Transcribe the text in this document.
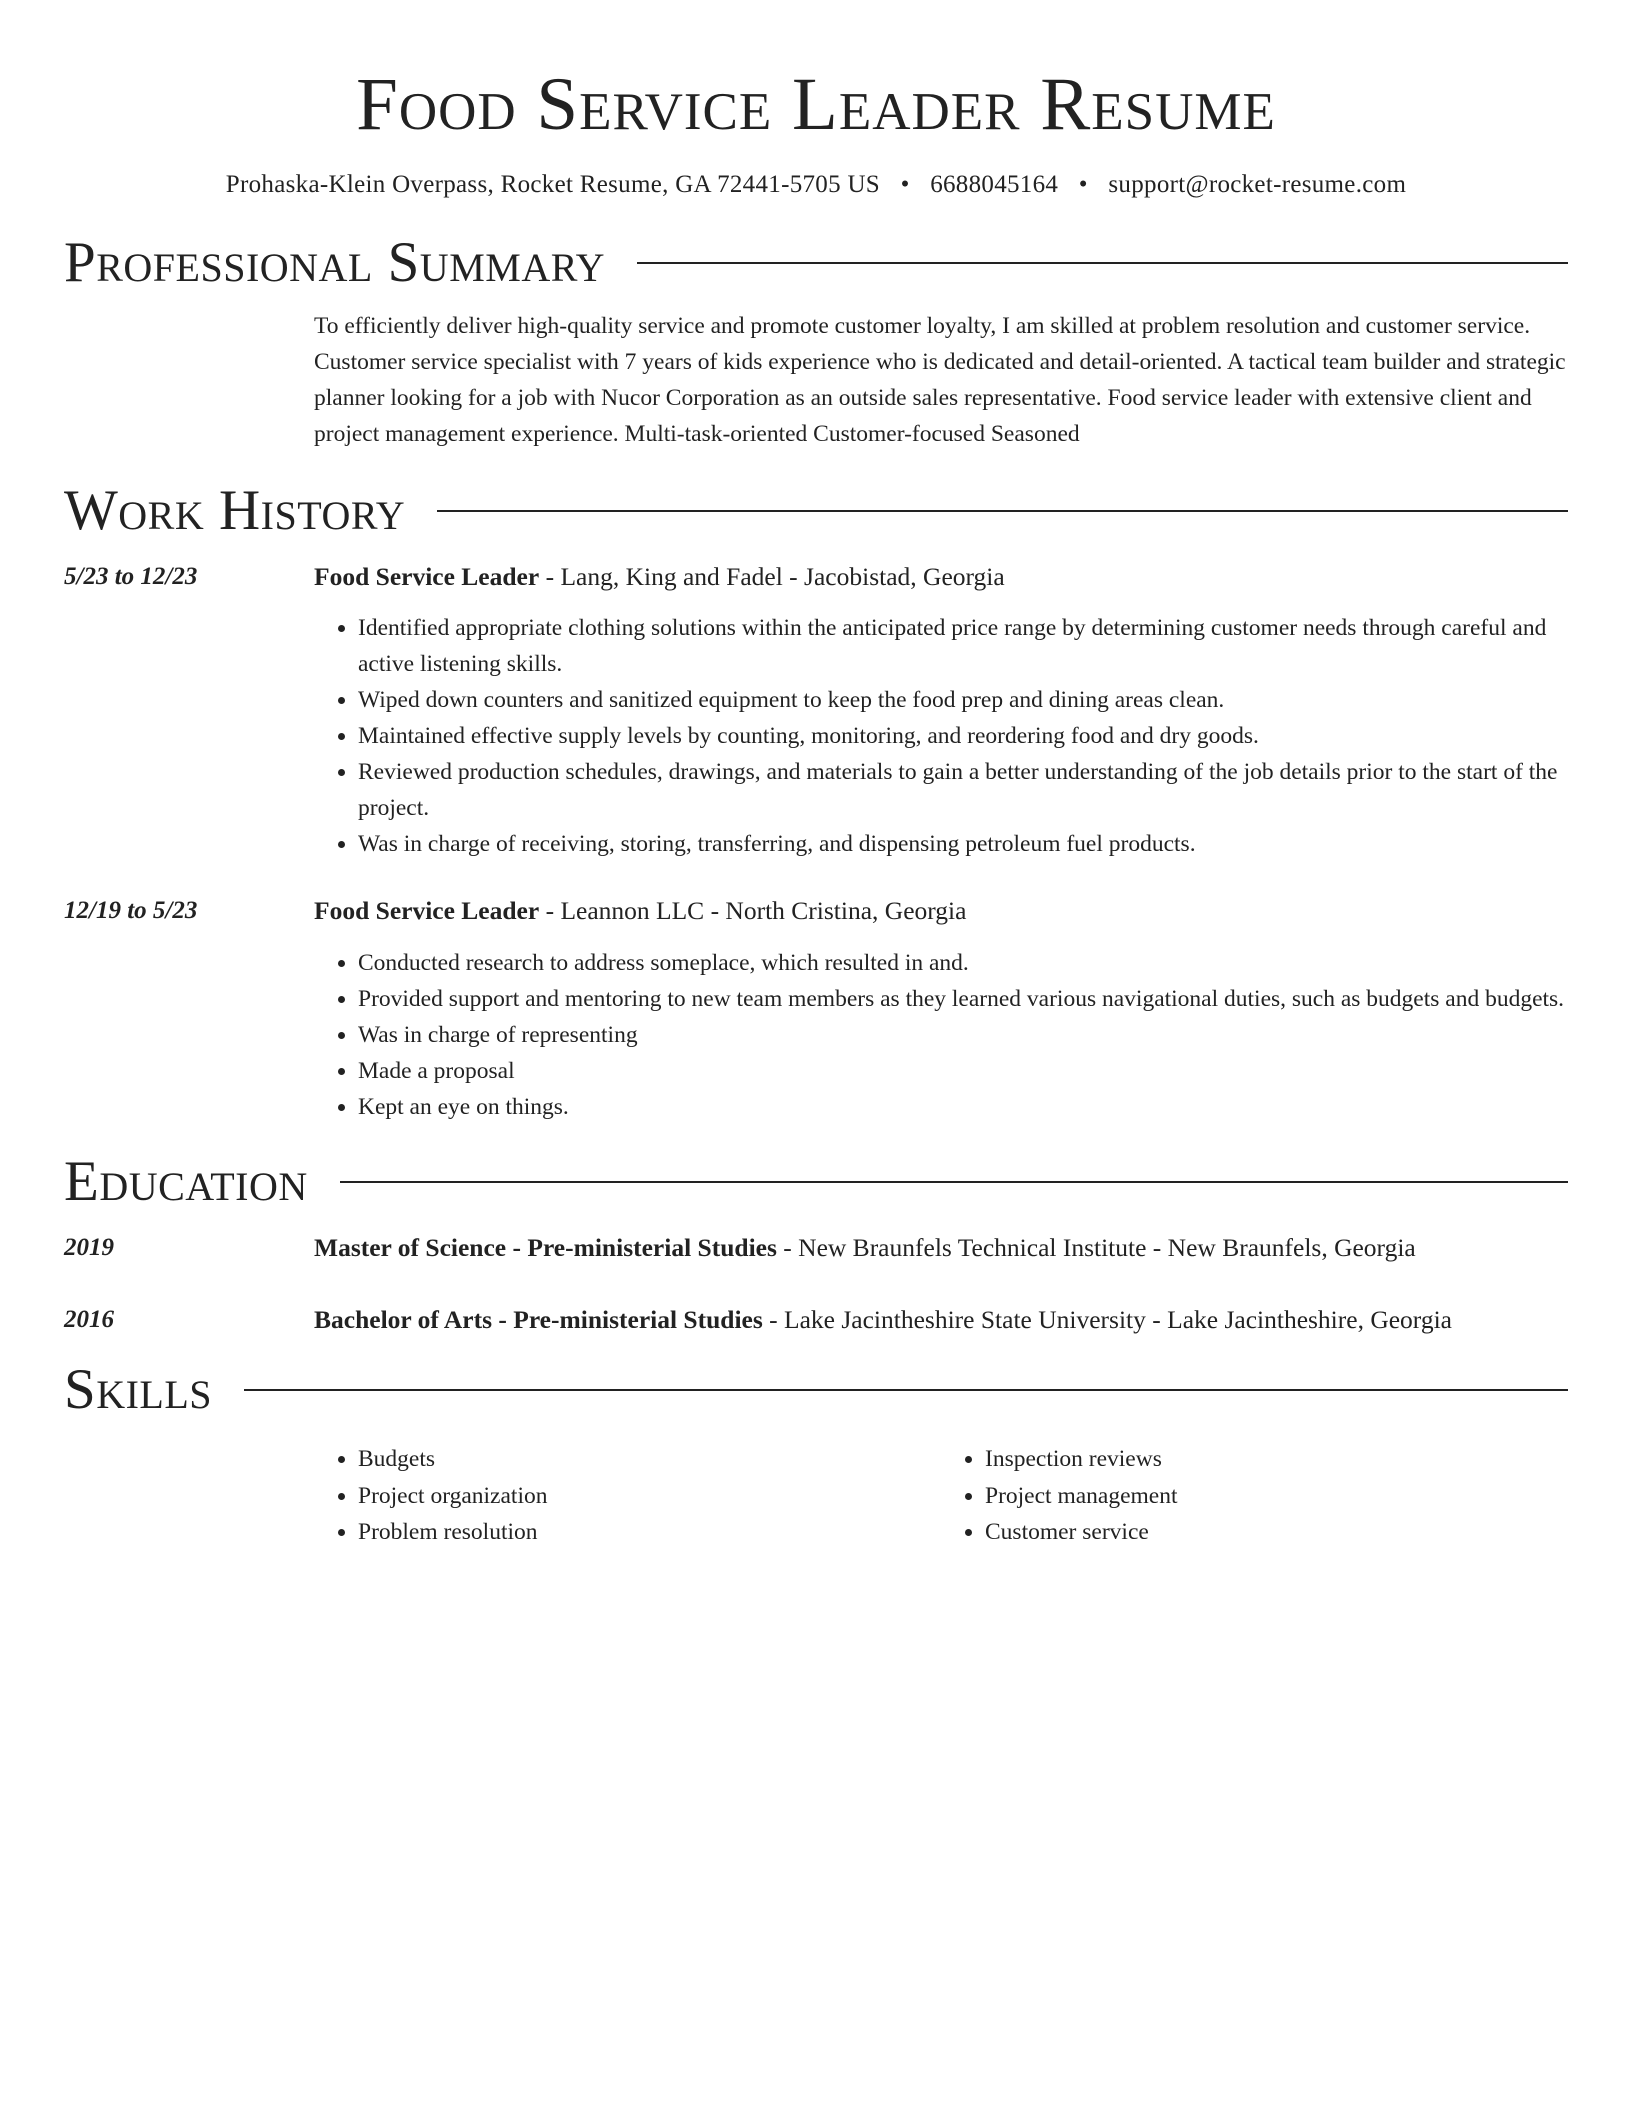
Food Service Leader Resume
Prohaska-Klein Overpass, Rocket Resume, GA 72441-5705 US • 6688045164 • support@rocket-resume.com
Professional Summary

To efficiently deliver high-quality service and promote customer loyalty, I am skilled at problem resolution and customer service. Customer service specialist with 7 years of kids experience who is dedicated and detail-oriented. A tactical team builder and strategic planner looking for a job with Nucor Corporation as an outside sales representative. Food service leader with extensive client and project management experience. Multi-task-oriented Customer-focused Seasoned

Work History
5/23 to 12/23	Food Service Leader - Lang, King and Fadel - Jacobistad, Georgia
• Identified appropriate clothing solutions within the anticipated price range by determining customer needs through careful and active listening skills.
• Wiped down counters and sanitized equipment to keep the food prep and dining areas clean.
• Maintained effective supply levels by counting, monitoring, and reordering food and dry goods.
• Reviewed production schedules, drawings, and materials to gain a better understanding of the job details prior to the start of the project.
• Was in charge of receiving, storing, transferring, and dispensing petroleum fuel products.
12/19 to 5/23	Food Service Leader - Leannon LLC - North Cristina, Georgia
• Conducted research to address someplace, which resulted in and.
• Provided support and mentoring to new team members as they learned various navigational duties, such as budgets and budgets.
• Was in charge of representing
• Made a proposal
• Kept an eye on things.
Education
2019	Master of Science - Pre-ministerial Studies - New Braunfels Technical Institute - New Braunfels, Georgia
2016	Bachelor of Arts - Pre-ministerial Studies - Lake Jacintheshire State University - Lake Jacintheshire, Georgia
Skills
• Budgets
• Project organization
• Problem resolution
• Inspection reviews
• Project management
• Customer service
